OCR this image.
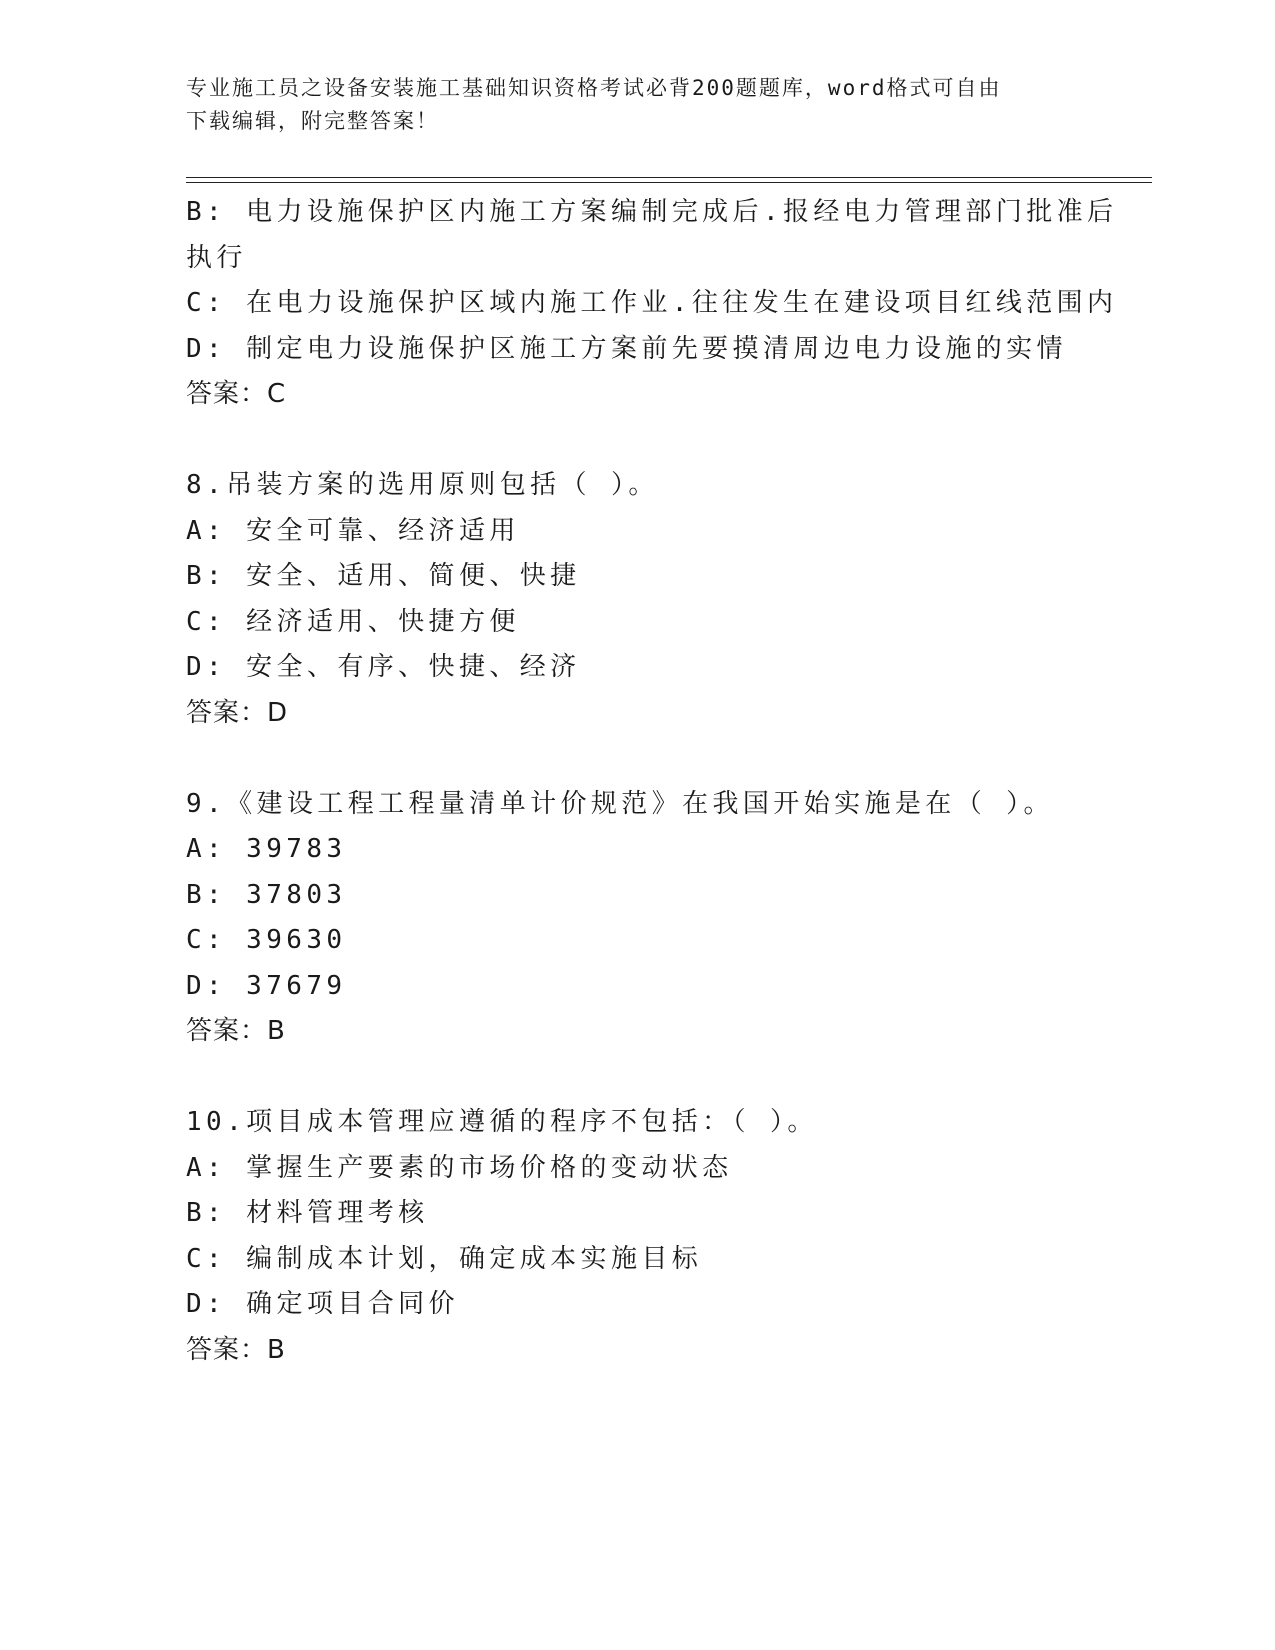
专业施工员之设备安装施工基础知识资格考试必背200题题库，word格式可自由
下载编辑，附完整答案！
B: 电力设施保护区内施工方案编制完成后.报经电力管理部门批准后
执行
C: 在电力设施保护区域内施工作业.往往发生在建设项目红线范围内
D: 制定电力设施保护区施工方案前先要摸清周边电力设施的实情
答案：C
8.吊装方案的选用原则包括（ ）。
A: 安全可靠、经济适用
B: 安全、适用、简便、快捷
C: 经济适用、快捷方便
D: 安全、有序、快捷、经济
答案：D
9.《建设工程工程量清单计价规范》在我国开始实施是在（ ）。
A: 39783
B: 37803
C: 39630
D: 37679
答案：B
10.项目成本管理应遵循的程序不包括：（ ）。
A: 掌握生产要素的市场价格的变动状态
B: 材料管理考核
C: 编制成本计划，确定成本实施目标
D: 确定项目合同价
答案：B
